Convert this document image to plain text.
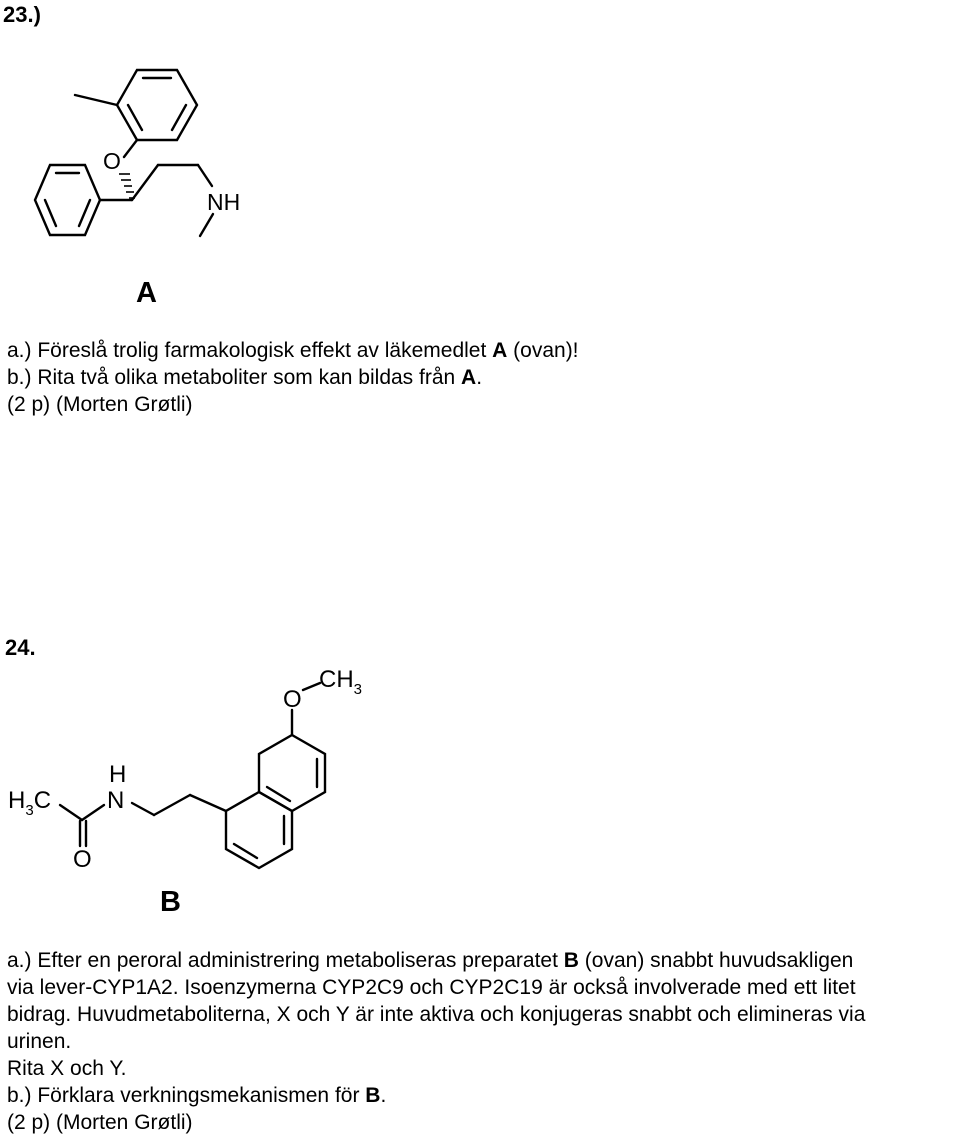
23.)
O
NH
A
a.) Föreslå trolig farmakologisk effekt av läkemedlet A (ovan)!
b.) Rita två olika metaboliter som kan bildas från A.
(2 p) (Morten Grøtli)
24.
O
$CH_3$
H
N
$H_3C$
O
B
a.) Efter en peroral administrering metaboliseras preparatet B (ovan) snabbt huvudsakligen
via lever-CYP1A2. Isoenzymerna CYP2C9 och CYP2C19 är också involverade med ett litet
bidrag. Huvudmetaboliterna, X och Y är inte aktiva och konjugeras snabbt och elimineras via
urinen.
Rita X och Y.
b.) Förklara verkningsmekanismen för B.
(2 p) (Morten Grøtli)
